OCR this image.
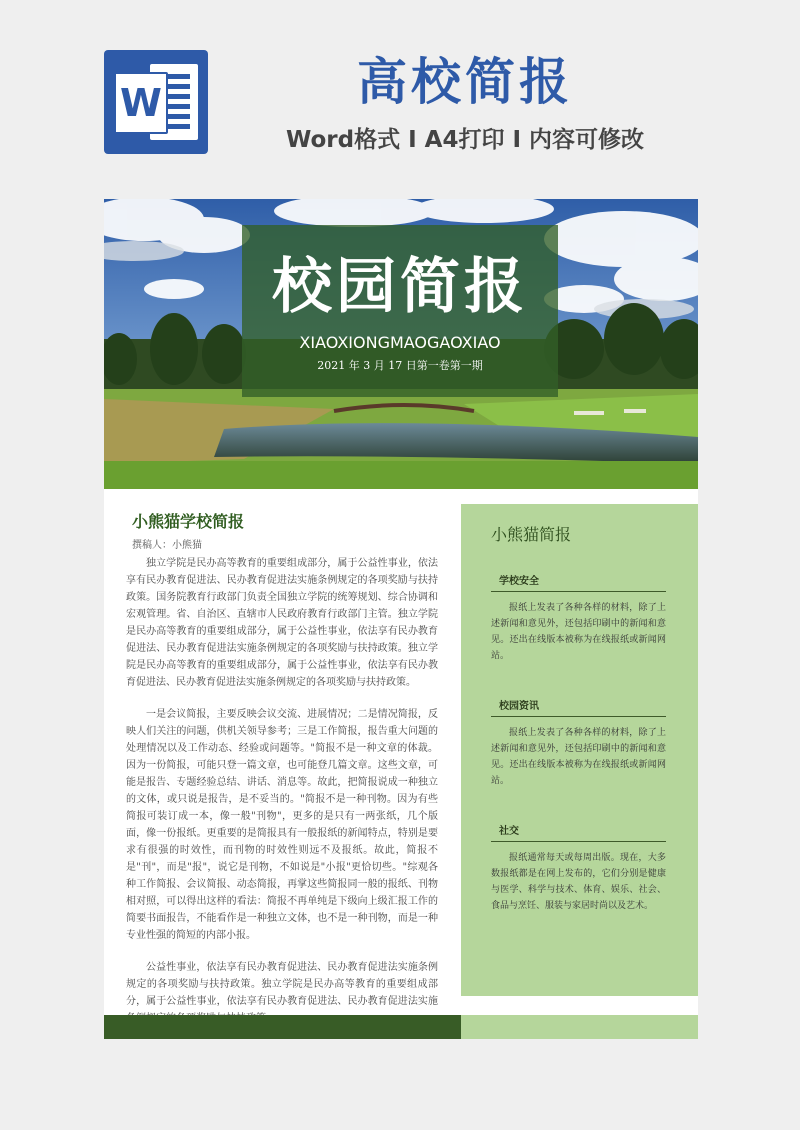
W	高校简报
Word格式 I A4打印 I 内容可修改
校园简报
XIAOXIONGMAOGAOXIAO
2021 年 3 月 17 日第一卷第一期
小熊猫学校简报
撰稿人：小熊猫

独立学院是民办高等教育的重要组成部分，属于公益性事业，依法享有民办教育促进法、民办教育促进法实施条例规定的各项奖励与扶持政策。国务院教育行政部门负责全国独立学院的统筹规划、综合协调和宏观管理。省、自治区、直辖市人民政府教育行政部门主管。独立学院是民办高等教育的重要组成部分，属于公益性事业，依法享有民办教育促进法、民办教育促进法实施条例规定的各项奖励与扶持政策。独立学院是民办高等教育的重要组成部分，属于公益性事业，依法享有民办教育促进法、民办教育促进法实施条例规定的各项奖励与扶持政策。

一是会议简报，主要反映会议交流、进展情况；二是情况简报，反映人们关注的问题，供机关领导参考；三是工作简报，报告重大问题的处理情况以及工作动态、经验或问题等。"简报不是一种文章的体裁。因为一份简报，可能只登一篇文章，也可能登几篇文章。这些文章，可能是报告、专题经验总结、讲话、消息等。故此，把简报说成一种独立的文体，或只说是报告，是不妥当的。"简报不是一种刊物。因为有些简报可装订成一本，像一般"刊物"，更多的是只有一两张纸，几个版面，像一份报纸。更重要的是简报具有一般报纸的新闻特点，特别是要求有很强的时效性，而刊物的时效性则远不及报纸。故此，简报不是"刊"，而是"报"，说它是刊物，不如说是"小报"更恰切些。"综观各种工作简报、会议简报、动态简报，再掌这些简报同一般的报纸、刊物相对照，可以得出这样的看法：简报不再单纯是下级向上级汇报工作的简要书面报告，不能看作是一种独立文体，也不是一种刊物，而是一种专业性强的简短的内部小报。

公益性事业，依法享有民办教育促进法、民办教育促进法实施条例规定的各项奖励与扶持政策。独立学院是民办高等教育的重要组成部分，属于公益性事业，依法享有民办教育促进法、民办教育促进法实施

小熊猫简报
学校安全

报纸上发表了各种各样的材料，除了上述新闻和意见外，还包括印刷中的新闻和意见。还出在线版本被称为在线报纸或新闻网站。

校园资讯

报纸上发表了各种各样的材料，除了上述新闻和意见外，还包括印刷中的新闻和意见。还出在线版本被称为在线报纸或新闻网站。

社交

报纸通常每天或每周出版。现在，大多数报纸都是在网上发布的，它们分别是健康与医学、科学与技术、体育、娱乐、社会、食品与烹饪、服装与家居时尚以及艺术。
